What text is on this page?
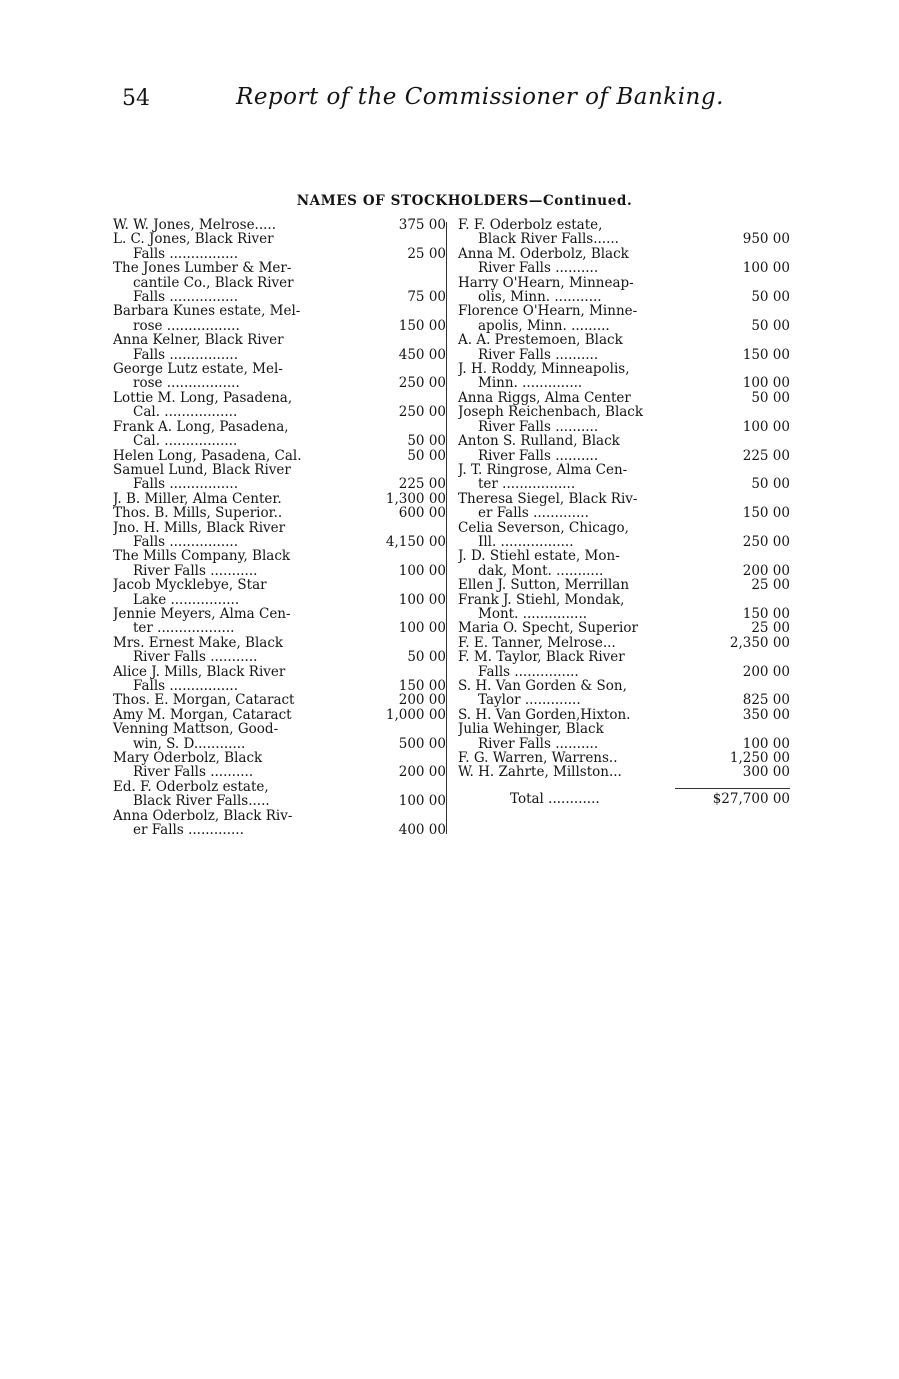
54	Report of the Commissioner of Banking.
NAMES OF STOCKHOLDERS—Continued.
W. W. Jones, Melrose.....	375 00
L. C. Jones, Black River
Falls ................	25 00
The Jones Lumber & Mer-
cantile Co., Black River
Falls ................	75 00
Barbara Kunes estate, Mel-
rose .................	150 00
Anna Kelner, Black River
Falls ................	450 00
George Lutz estate, Mel-
rose .................	250 00
Lottie M. Long, Pasadena,
Cal. .................	250 00
Frank A. Long, Pasadena,
Cal. .................	50 00
Helen Long, Pasadena, Cal.	50 00
Samuel Lund, Black River
Falls ................	225 00
J. B. Miller, Alma Center.	1,300 00
Thos. B. Mills, Superior..	600 00
Jno. H. Mills, Black River
Falls ................	4,150 00
The Mills Company, Black
River Falls ...........	100 00
Jacob Mycklebyе, Star
Lake ................	100 00
Jennie Meyers, Alma Cen-
ter ..................	100 00
Mrs. Ernest Make, Black
River Falls ...........	50 00
Alice J. Mills, Black River
Falls ................	150 00
Thos. E. Morgan, Cataract	200 00
Amy M. Morgan, Cataract	1,000 00
Venning Mattson, Good-
win, S. D............	500 00
Mary Oderbolz, Black
River Falls ..........	200 00
Ed. F. Oderbolz estate,
Black River Falls.....	100 00
Anna Oderbolz, Black Riv-
er Falls .............	400 00
F. F. Oderbolz estate,
Black River Falls......	950 00
Anna M. Oderbolz, Black
River Falls ..........	100 00
Harry O'Hearn, Minneap-
olis, Minn. ...........	50 00
Florence O'Hearn, Minne-
apolis, Minn. .........	50 00
A. A. Prestemoen, Black
River Falls ..........	150 00
J. H. Roddy, Minneapolis,
Minn. ..............	100 00
Anna Riggs, Alma Center	50 00
Joseph Reichenbach, Black
River Falls ..........	100 00
Anton S. Rulland, Black
River Falls ..........	225 00
J. T. Ringrose, Alma Cen-
ter .................	50 00
Theresa Siegel, Black Riv-
er Falls .............	150 00
Celia Severson, Chicago,
Ill. .................	250 00
J. D. Stiehl estate, Mon-
dak, Mont. ...........	200 00
Ellen J. Sutton, Merrillan	25 00
Frank J. Stiehl, Mondak,
Mont. ...............	150 00
Maria O. Specht, Superior	25 00
F. E. Tanner, Melrose...	2,350 00
F. M. Taylor, Black River
Falls ...............	200 00
S. H. Van Gorden & Son,
Taylor .............	825 00
S. H. Van Gorden,Hixton.	350 00
Julia Wehinger, Black
River Falls ..........	100 00
F. G. Warren, Warrens..	1,250 00
W. H. Zahrte, Millston...	300 00
Total ............	$27,700 00
